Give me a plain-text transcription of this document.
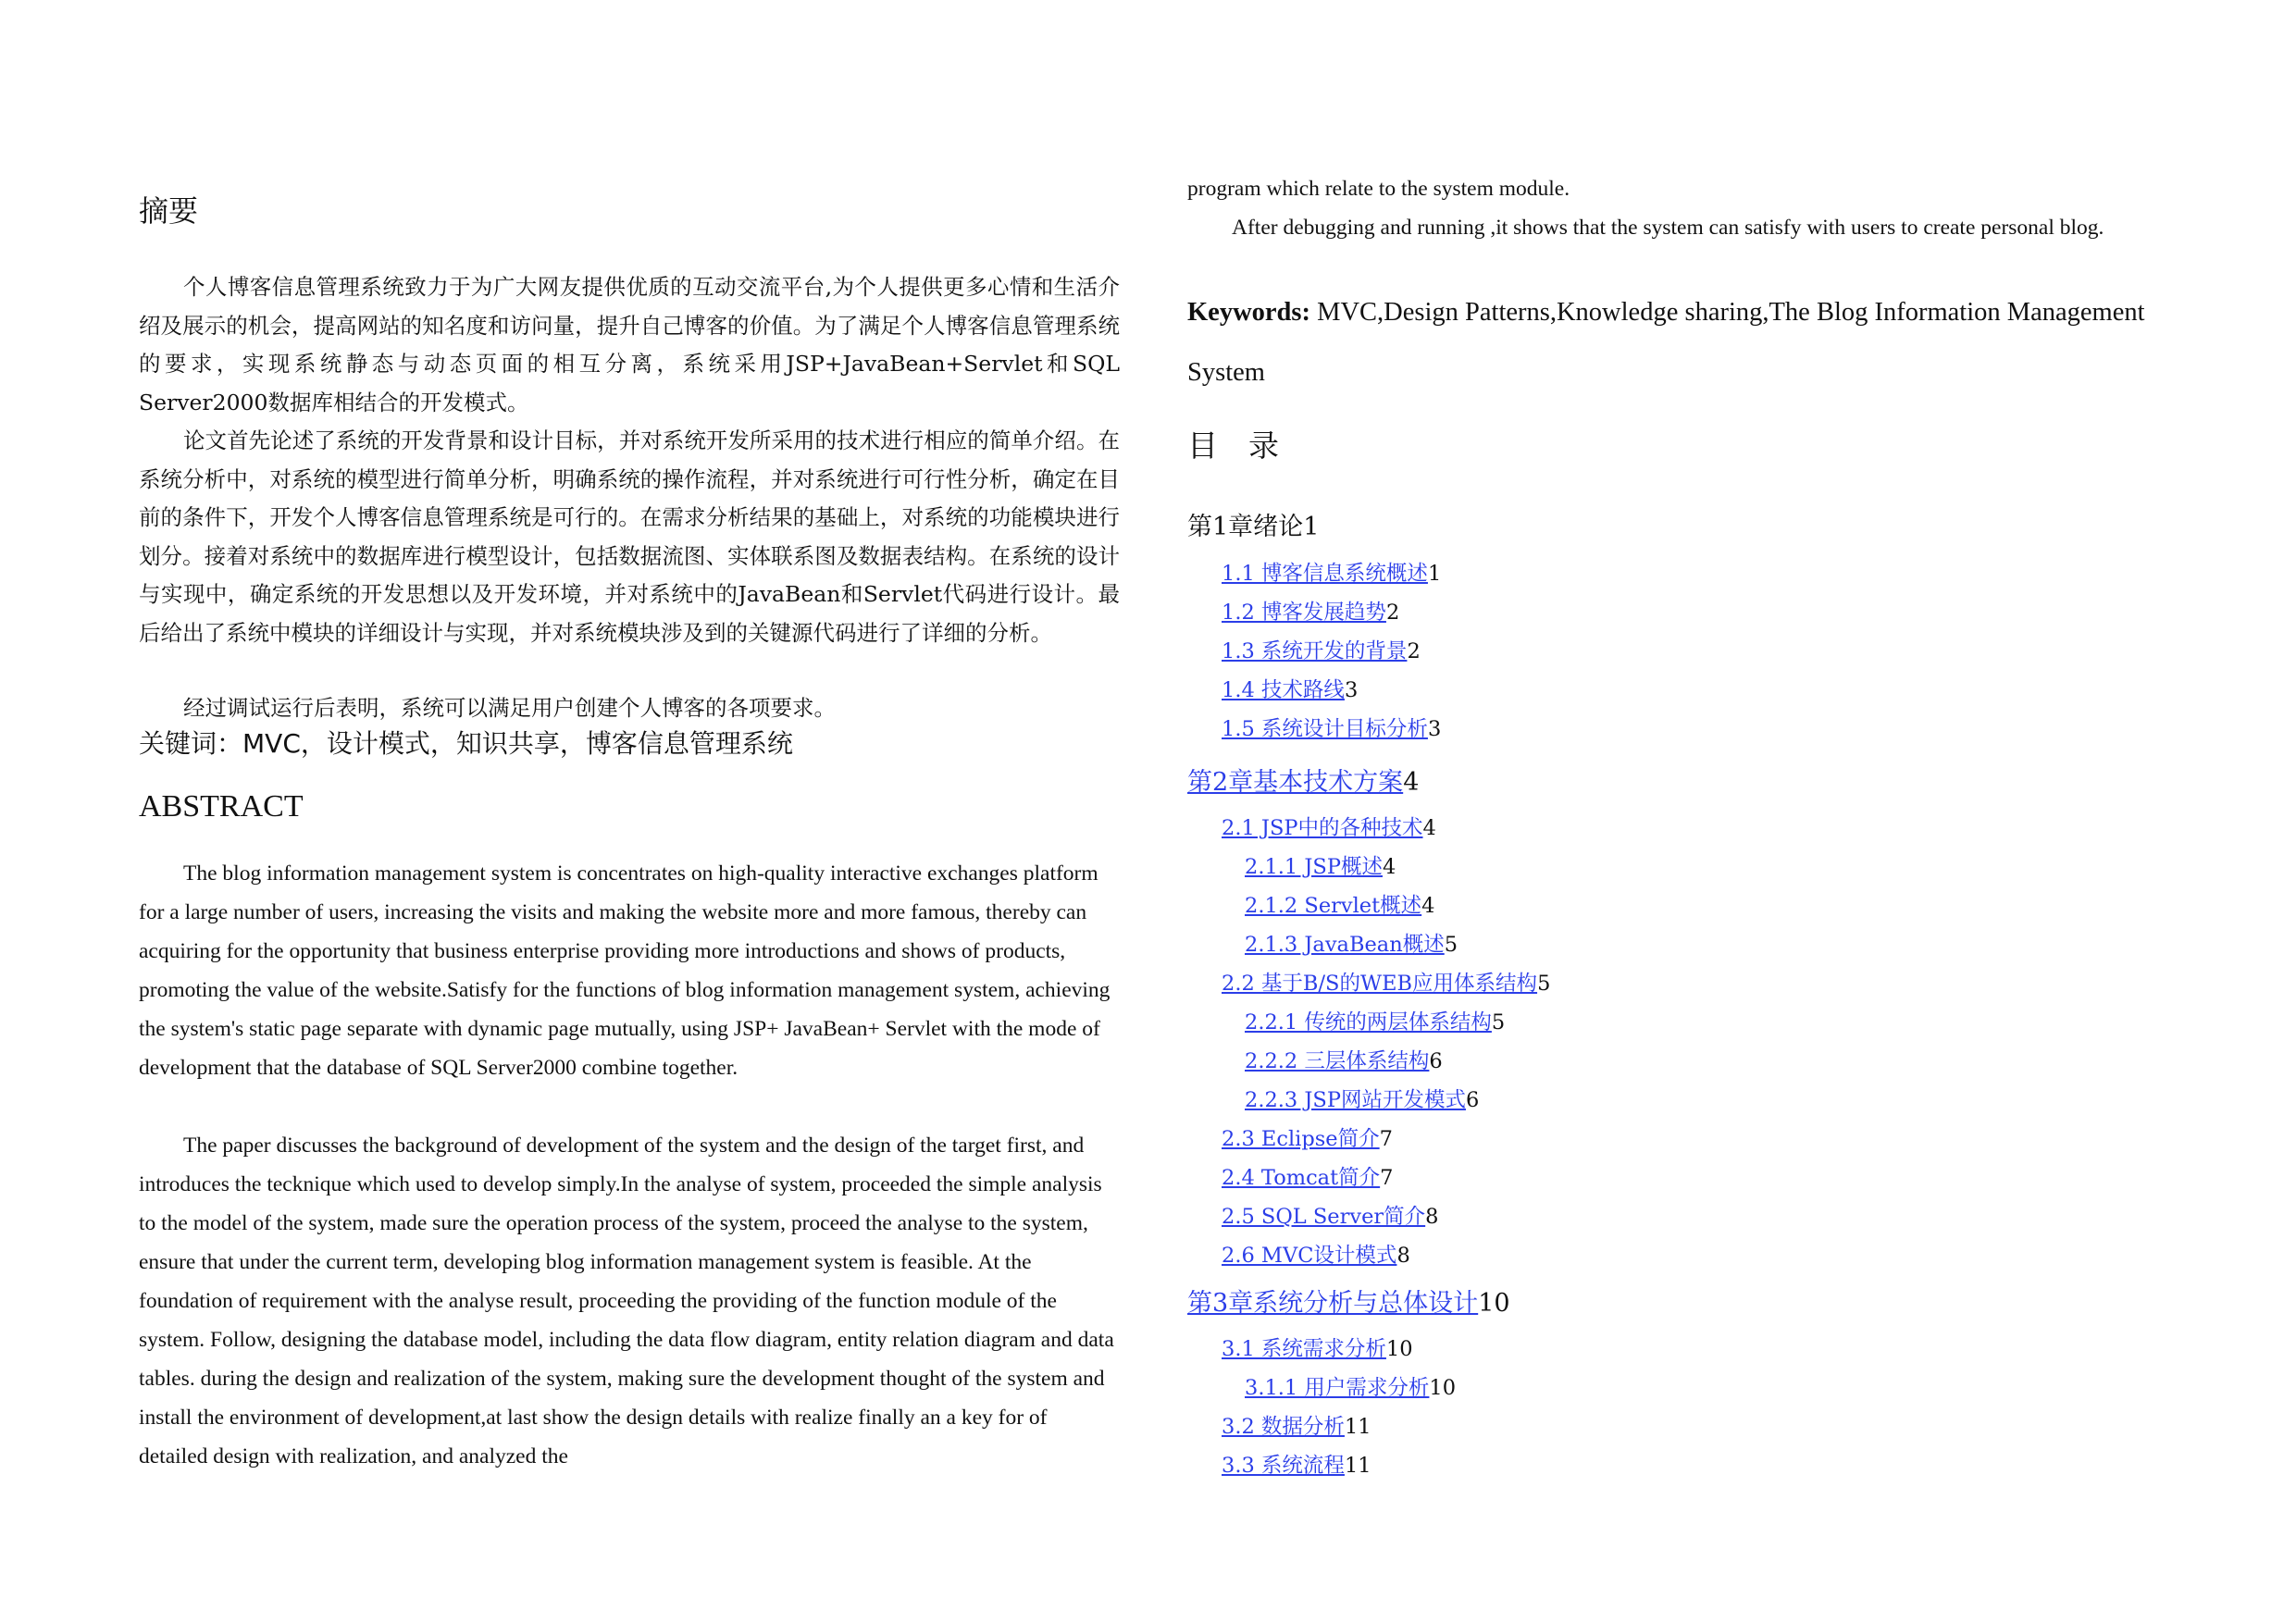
摘要

个人博客信息管理系统致力于为广大网友提供优质的互动交流平台,为个人提供更多心情和生活介绍及展示的机会，提高网站的知名度和访问量，提升自己博客的价值。为了满足个人博客信息管理系统的要求，实现系统静态与动态页面的相互分离，系统采用JSP+JavaBean+Servlet和SQL Server2000数据库相结合的开发模式。

论文首先论述了系统的开发背景和设计目标，并对系统开发所采用的技术进行相应的简单介绍。在系统分析中，对系统的模型进行简单分析，明确系统的操作流程，并对系统进行可行性分析，确定在目前的条件下，开发个人博客信息管理系统是可行的。在需求分析结果的基础上，对系统的功能模块进行划分。接着对系统中的数据库进行模型设计，包括数据流图、实体联系图及数据表结构。在系统的设计与实现中，确定系统的开发思想以及开发环境，并对系统中的JavaBean和Servlet代码进行设计。最后给出了系统中模块的详细设计与实现，并对系统模块涉及到的关键源代码进行了详细的分析。

经过调试运行后表明，系统可以满足用户创建个人博客的各项要求。

关键词：MVC，设计模式，知识共享，博客信息管理系统

ABSTRACT

The blog information management system is concentrates on high-quality interactive exchanges platform for a large number of users, increasing the visits and making the website more and more famous, thereby can acquiring for the opportunity that business enterprise providing more introductions and shows of products, promoting the value of the website.Satisfy for the functions of blog information management system, achieving the system's static page separate with dynamic page mutually, using JSP+ JavaBean+ Servlet with the mode of development that the database of SQL Server2000 combine together.

The paper discusses the background of development of the system and the design of the target first, and introduces the tecknique which used to develop simply.In the analyse of system, proceeded the simple analysis to the model of the system, made sure the operation process of the system, proceed the analyse to the system, ensure that under the current term, developing blog information management system is feasible. At the foundation of requirement with the analyse result, proceeding the providing of the function module of the system. Follow, designing the database model, including the data flow diagram, entity relation diagram and data tables. during the design and realization of the system, making sure the development thought of the system and install the environment of development,at last show the design details with realize finally an a key for of detailed design with realization, and analyzed the

program which relate to the system module.

After debugging and running ,it shows that the system can satisfy with users to create personal blog.

Keywords: MVC,Design Patterns,Knowledge sharing,The Blog Information Management System

目　录
第1章绪论1
1.1 博客信息系统概述1
1.2 博客发展趋势2
1.3 系统开发的背景2
1.4 技术路线3
1.5 系统设计目标分析3
第2章基本技术方案4
2.1 JSP中的各种技术4
2.1.1 JSP概述4
2.1.2 Servlet概述4
2.1.3 JavaBean概述5
2.2 基于B/S的WEB应用体系结构5
2.2.1 传统的两层体系结构5
2.2.2 三层体系结构6
2.2.3 JSP网站开发模式6
2.3 Eclipse简介7
2.4 Tomcat简介7
2.5 SQL Server简介8
2.6 MVC设计模式8
第3章系统分析与总体设计10
3.1 系统需求分析10
3.1.1 用户需求分析10
3.2 数据分析11
3.3 系统流程11
